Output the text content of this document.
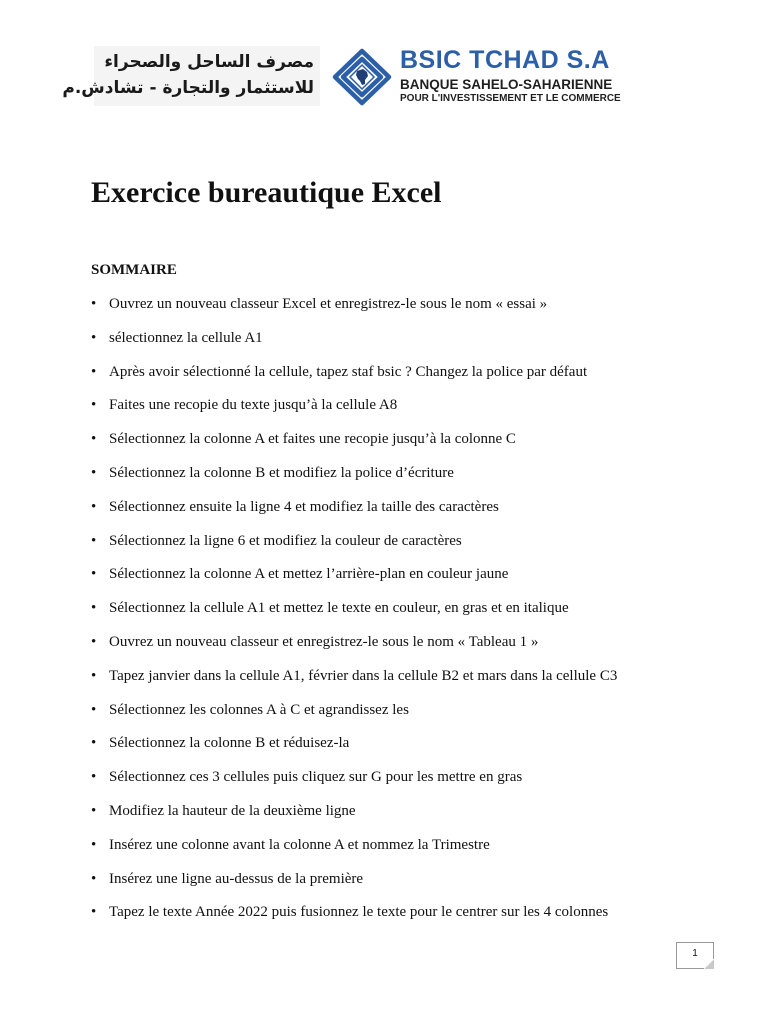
مصرف الساحل والصحراء
للاستثمار والتجارة - تشادش.م
BSIC TCHAD S.A
BANQUE SAHELO-SAHARIENNE
POUR L'INVESTISSEMENT ET LE COMMERCE
Exercice bureautique Excel
SOMMAIRE
• Ouvrez un nouveau classeur Excel et enregistrez-le sous le nom « essai »
• sélectionnez la cellule A1
• Après avoir sélectionné la cellule, tapez staf bsic ? Changez la police par défaut
• Faites une recopie du texte jusqu’à la cellule A8
• Sélectionnez la colonne A et faites une recopie jusqu’à la colonne C
• Sélectionnez la colonne B et modifiez la police d’écriture
• Sélectionnez ensuite la ligne 4 et modifiez la taille des caractères
• Sélectionnez la ligne 6 et modifiez la couleur de caractères
• Sélectionnez la colonne A et mettez l’arrière-plan en couleur jaune
• Sélectionnez la cellule A1 et mettez le texte en couleur, en gras et en italique
• Ouvrez un nouveau classeur et enregistrez-le sous le nom « Tableau 1 »
• Tapez janvier dans la cellule A1, février dans la cellule B2 et mars dans la cellule C3
• Sélectionnez les colonnes A à C et agrandissez les
• Sélectionnez la colonne B et réduisez-la
• Sélectionnez ces 3 cellules puis cliquez sur G pour les mettre en gras
• Modifiez la hauteur de la deuxième ligne
• Insérez une colonne avant la colonne A et nommez la Trimestre
• Insérez une ligne au-dessus de la première
• Tapez le texte Année 2022 puis fusionnez le texte pour le centrer sur les 4 colonnes
1
